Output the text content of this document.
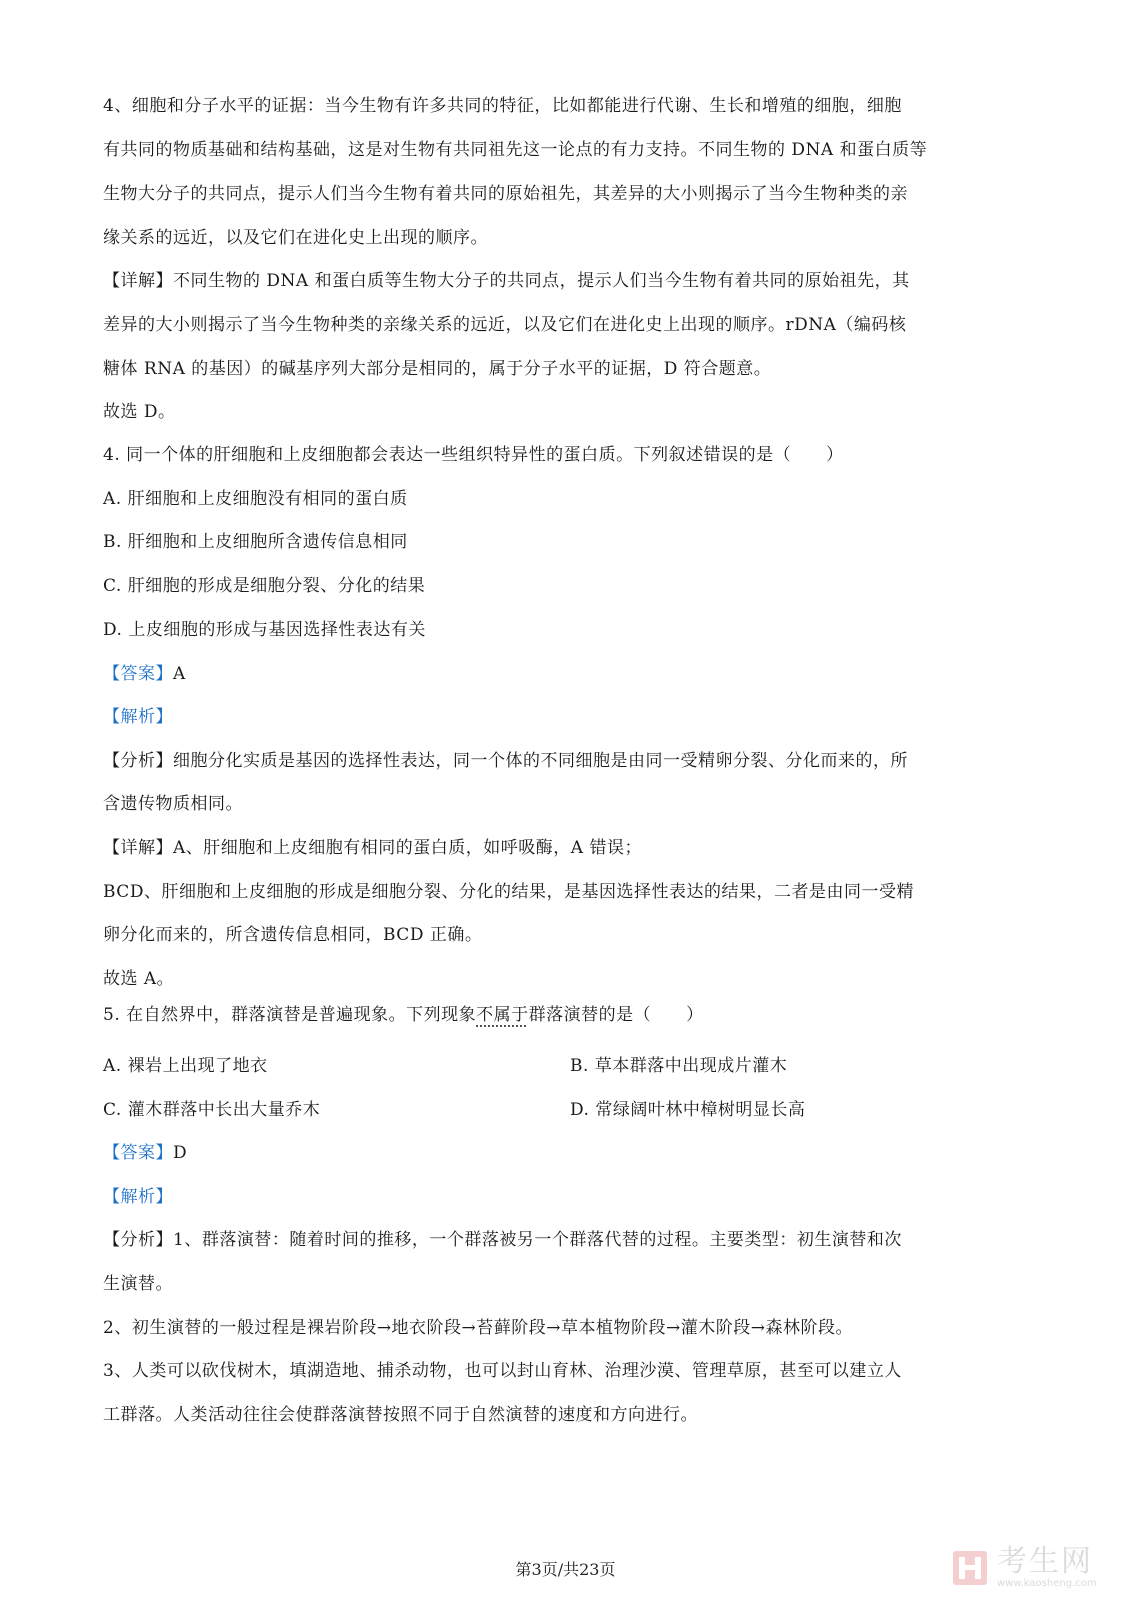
4、细胞和分子水平的证据：当今生物有许多共同的特征，比如都能进行代谢、生长和增殖的细胞，细胞
有共同的物质基础和结构基础，这是对生物有共同祖先这一论点的有力支持。不同生物的 DNA 和蛋白质等
生物大分子的共同点，提示人们当今生物有着共同的原始祖先，其差异的大小则揭示了当今生物种类的亲
缘关系的远近，以及它们在进化史上出现的顺序。
【详解】不同生物的 DNA 和蛋白质等生物大分子的共同点，提示人们当今生物有着共同的原始祖先，其
差异的大小则揭示了当今生物种类的亲缘关系的远近，以及它们在进化史上出现的顺序。rDNA（编码核
糖体 RNA 的基因）的碱基序列大部分是相同的，属于分子水平的证据，D 符合题意。
故选 D。
4. 同一个体的肝细胞和上皮细胞都会表达一些组织特异性的蛋白质。下列叙述错误的是（　　）
A. 肝细胞和上皮细胞没有相同的蛋白质
B. 肝细胞和上皮细胞所含遗传信息相同
C. 肝细胞的形成是细胞分裂、分化的结果
D. 上皮细胞的形成与基因选择性表达有关
【答案】A
【解析】
【分析】细胞分化实质是基因的选择性表达，同一个体的不同细胞是由同一受精卵分裂、分化而来的，所
含遗传物质相同。
【详解】A、肝细胞和上皮细胞有相同的蛋白质，如呼吸酶，A 错误；
BCD、肝细胞和上皮细胞的形成是细胞分裂、分化的结果，是基因选择性表达的结果，二者是由同一受精
卵分化而来的，所含遗传信息相同，BCD 正确。
故选 A。
5. 在自然界中，群落演替是普遍现象。下列现象不属于群落演替的是（　　）
A. 裸岩上出现了地衣	B. 草本群落中出现成片灌木
C. 灌木群落中长出大量乔木	D. 常绿阔叶林中樟树明显长高
【答案】D
【解析】
【分析】1、群落演替：随着时间的推移，一个群落被另一个群落代替的过程。主要类型：初生演替和次
生演替。
2、初生演替的一般过程是裸岩阶段→地衣阶段→苔藓阶段→草本植物阶段→灌木阶段→森林阶段。
3、人类可以砍伐树木，填湖造地、捕杀动物，也可以封山育林、治理沙漠、管理草原，甚至可以建立人
工群落。人类活动往往会使群落演替按照不同于自然演替的速度和方向进行。
第3页/共23页	考生网
www.kaosheng.com
